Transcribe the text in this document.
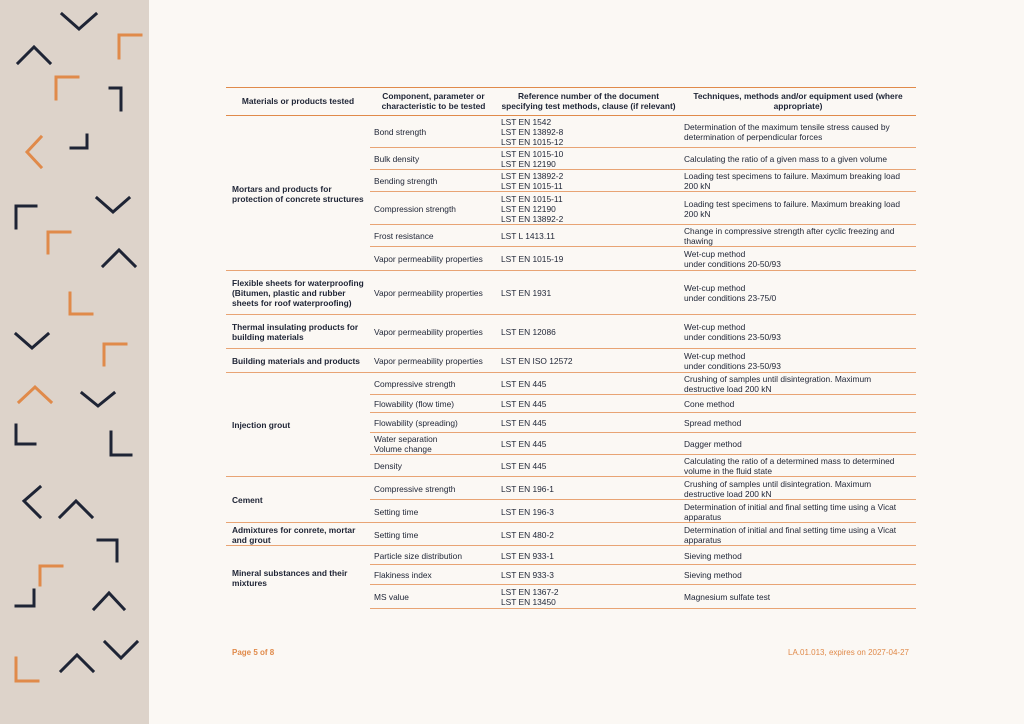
Materials or products tested	Component, parameter or characteristic to be tested	Reference number of the document specifying test methods, clause (if relevant)	Techniques, methods and/or equipment used (where appropriate)
Mortars and products for protection of concrete structures	Bond strength	LST EN 1542
LST EN 13892-8
LST EN 1015-12	Determination of the maximum tensile stress caused by determination of perpendicular forces
	Bulk density	LST EN 1015-10
LST EN 12190	Calculating the ratio of a given mass to a given volume
	Bending strength	LST EN 13892-2
LST EN 1015-11	Loading test specimens to failure. Maximum breaking load 200 kN
	Compression strength	LST EN 1015-11
LST EN 12190
LST EN 13892-2	Loading test specimens to failure. Maximum breaking load 200 kN
	Frost resistance	LST L 1413.11	Change in compressive strength after cyclic freezing and thawing
	Vapor permeability properties	LST EN 1015-19	Wet-cup method
under conditions 20-50/93
Flexible sheets for waterproofing (Bitumen, plastic and rubber sheets for roof waterproofing)	Vapor permeability properties	LST EN 1931	Wet-cup method
under conditions 23-75/0
Thermal insulating products for building materials	Vapor permeability properties	LST EN 12086	Wet-cup method
under conditions 23-50/93
Building materials and products	Vapor permeability properties	LST EN ISO 12572	Wet-cup method
under conditions 23-50/93
Injection grout	Compressive strength	LST EN 445	Crushing of samples until disintegration. Maximum destructive load 200 kN
	Flowability (flow time)	LST EN 445	Cone method
	Flowability (spreading)	LST EN 445	Spread method
	Water separation
Volume change	LST EN 445	Dagger method
	Density	LST EN 445	Calculating the ratio of a determined mass to determined volume in the fluid state
Cement	Compressive strength	LST EN 196-1	Crushing of samples until disintegration. Maximum destructive load 200 kN
	Setting time	LST EN 196-3	Determination of initial and final setting time using a Vicat apparatus
Admixtures for conrete, mortar and grout	Setting time	LST EN 480-2	Determination of initial and final setting time using a Vicat apparatus
Mineral substances and their mixtures	Particle size distribution	LST EN 933-1	Sieving method
	Flakiness index	LST EN 933-3	Sieving method
	MS value	LST EN 1367-2
LST EN 13450	Magnesium sulfate test
Page 5 of 8	LA.01.013, expires on 2027-04-27
